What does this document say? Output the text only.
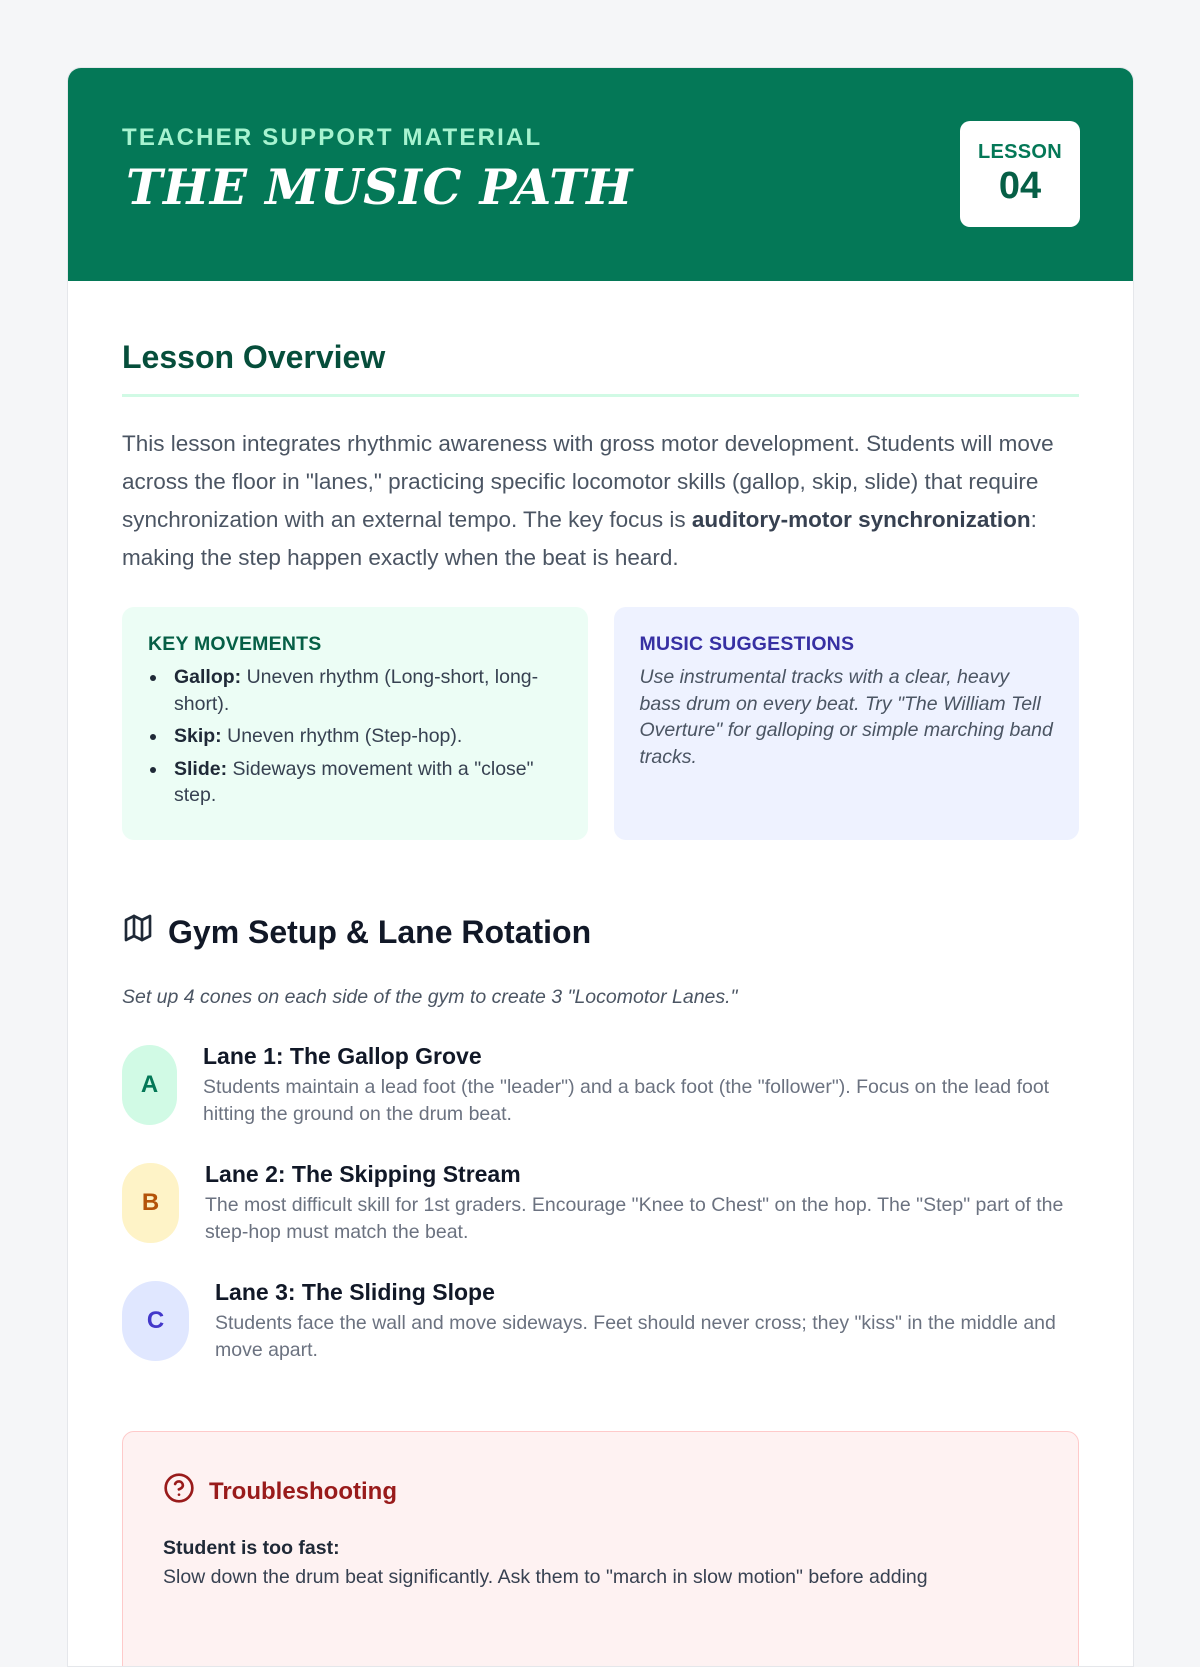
TEACHER SUPPORT MATERIAL
THE MUSIC PATH
LESSON
04
Lesson Overview

This lesson integrates rhythmic awareness with gross motor development. Students will move across the floor in "lanes," practicing specific locomotor skills (gallop, skip, slide) that require synchronization with an external tempo. The key focus is auditory-motor synchronization: making the step happen exactly when the beat is heard.

KEY MOVEMENTS
Gallop: Uneven rhythm (Long-short, long-short).
Skip: Uneven rhythm (Step-hop).
Slide: Sideways movement with a "close" step.
MUSIC SUGGESTIONS

Use instrumental tracks with a clear, heavy bass drum on every beat. Try "The William Tell Overture" for galloping or simple marching band tracks.

Gym Setup & Lane Rotation

Set up 4 cones on each side of the gym to create 3 "Locomotor Lanes."

A
Lane 1: The Gallop Grove
Students maintain a lead foot (the "leader") and a back foot (the "follower"). Focus on the lead foot hitting the ground on the drum beat.
B
Lane 2: The Skipping Stream
The most difficult skill for 1st graders. Encourage "Knee to Chest" on the hop. The "Step" part of the step-hop must match the beat.
C
Lane 3: The Sliding Slope
Students face the wall and move sideways. Feet should never cross; they "kiss" in the middle and move apart.
Troubleshooting
Student is too fast:
Slow down the drum beat significantly. Ask them to "march in slow motion" before adding
